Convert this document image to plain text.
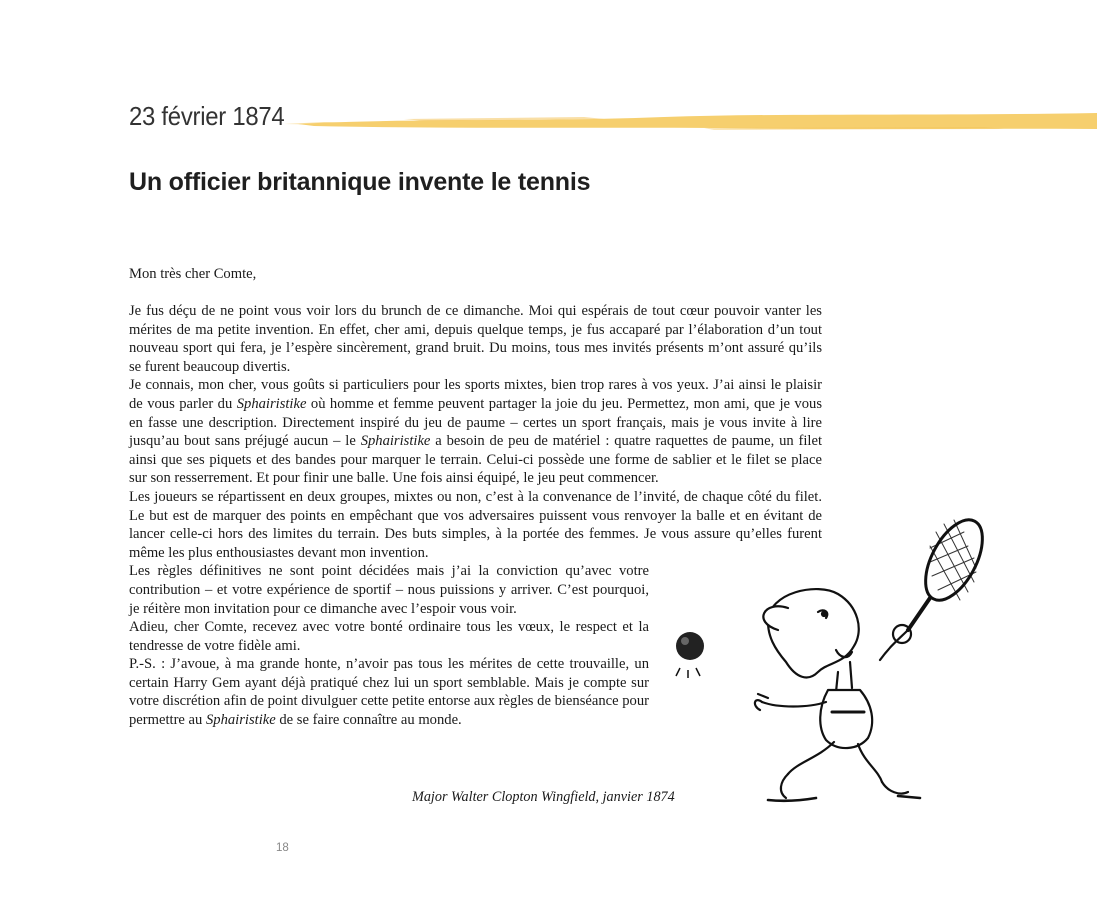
23 février 1874
Un officier britannique invente le tennis
Mon très cher Comte,

Je fus déçu de ne point vous voir lors du brunch de ce dimanche. Moi qui espérais de tout cœur pouvoir vanter les mérites de ma petite invention. En effet, cher ami, depuis quelque temps, je fus accaparé par l’élaboration d’un tout nouveau sport qui fera, je l’espère sincèrement, grand bruit. Du moins, tous mes invités présents m’ont assuré qu’ils se furent beaucoup divertis.

Je connais, mon cher, vous goûts si particuliers pour les sports mixtes, bien trop rares à vos yeux. J’ai ainsi le plaisir de vous parler du Sphairistike où homme et femme peuvent partager la joie du jeu. Permettez, mon ami, que je vous en fasse une description. Directement inspiré du jeu de paume – certes un sport français, mais je vous invite à lire jusqu’au bout sans préjugé aucun – le Sphairistike a besoin de peu de matériel : quatre raquettes de paume, un filet ainsi que ses piquets et des bandes pour marquer le terrain. Celui-ci possède une forme de sablier et le filet se place sur son resserrement. Et pour finir une balle. Une fois ainsi équipé, le jeu peut commencer.

Les joueurs se répartissent en deux groupes, mixtes ou non, c’est à la convenance de l’invité, de chaque côté du filet. Le but est de marquer des points en empêchant que vos adversaires puissent vous renvoyer la balle et en évitant de lancer celle-ci hors des limites du terrain. Des buts simples, à la portée des femmes. Je vous assure qu’elles furent même les plus enthousiastes devant mon invention.

Les règles définitives ne sont point décidées mais j’ai la conviction qu’avec votre contribution – et votre expérience de sportif – nous puissions y arriver. C’est pourquoi, je réitère mon invitation pour ce dimanche avec l’espoir vous voir.

Adieu, cher Comte, recevez avec votre bonté ordinaire tous les vœux, le respect et la tendresse de votre fidèle ami.

P.-S. : J’avoue, à ma grande honte, n’avoir pas tous les mérites de cette trouvaille, un certain Harry Gem ayant déjà pratiqué chez lui un sport semblable. Mais je compte sur votre discrétion afin de point divulguer cette petite entorse aux règles de bienséance pour permettre au Sphairistike de se faire connaître au monde.

Major Walter Clopton Wingfield, janvier 1874
18
